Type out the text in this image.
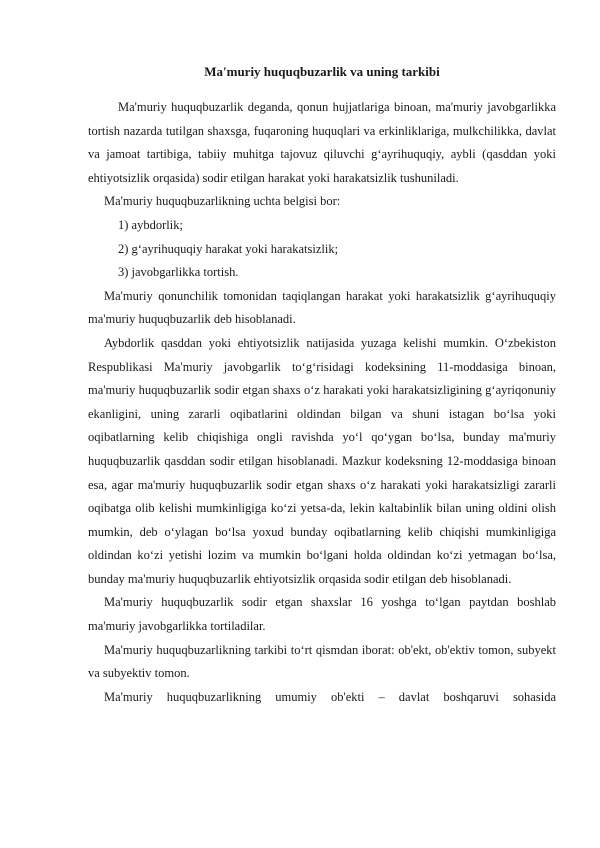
Ma'muriy huquqbuzarlik va uning tarkibi

Ma'muriy huquqbuzarlik deganda, qonun hujjatlariga binoan, ma'muriy javobgarlikka tortish nazarda tutilgan shaxsga, fuqaroning huquqlari va erkinliklariga, mulkchilikka, davlat va jamoat tartibiga, tabiiy muhitga tajovuz qiluvchi g‘ayrihuquqiy, aybli (qasddan yoki ehtiyotsizlik orqasida) sodir etilgan harakat yoki harakatsizlik tushuniladi.

Ma'muriy huquqbuzarlikning uchta belgisi bor:

1) aybdorlik;

2) g‘ayrihuquqiy harakat yoki harakatsizlik;

3) javobgarlikka tortish.

Ma'muriy qonunchilik tomonidan taqiqlangan harakat yoki harakatsizlik g‘ayrihuquqiy ma'muriy huquqbuzarlik deb hisoblanadi.

Aybdorlik qasddan yoki ehtiyotsizlik natijasida yuzaga kelishi mumkin. O‘zbekiston Respublikasi Ma'muriy javobgarlik to‘g‘risidagi kodeksining 11-moddasiga binoan, ma'muriy huquqbuzarlik sodir etgan shaxs o‘z harakati yoki harakatsizligining g‘ayriqonuniy ekanligini, uning zararli oqibatlarini oldindan bilgan va shuni istagan bo‘lsa yoki oqibatlarning kelib chiqishiga ongli ravishda yo‘l qo‘ygan bo‘lsa, bunday ma'muriy huquqbuzarlik qasddan sodir etilgan hisoblanadi. Mazkur kodeksning 12-moddasiga binoan esa, agar ma'muriy huquqbuzarlik sodir etgan shaxs o‘z harakati yoki harakatsizligi zararli oqibatga olib kelishi mumkinligiga ko‘zi yetsa-da, lekin kaltabinlik bilan uning oldini olish mumkin, deb o‘ylagan bo‘lsa yoxud bunday oqibatlarning kelib chiqishi mumkinligiga oldindan ko‘zi yetishi lozim va mumkin bo‘lgani holda oldindan ko‘zi yetmagan bo‘lsa, bunday ma'muriy huquqbuzarlik ehtiyotsizlik orqasida sodir etilgan deb hisoblanadi.

Ma'muriy huquqbuzarlik sodir etgan shaxslar 16 yoshga to‘lgan paytdan boshlab ma'muriy javobgarlikka tortiladilar.

Ma'muriy huquqbuzarlikning tarkibi to‘rt qismdan iborat: ob'ekt, ob'ektiv tomon, subyekt va subyektiv tomon.

Ma'muriy huquqbuzarlikning umumiy ob'ekti – davlat boshqaruvi sohasida
